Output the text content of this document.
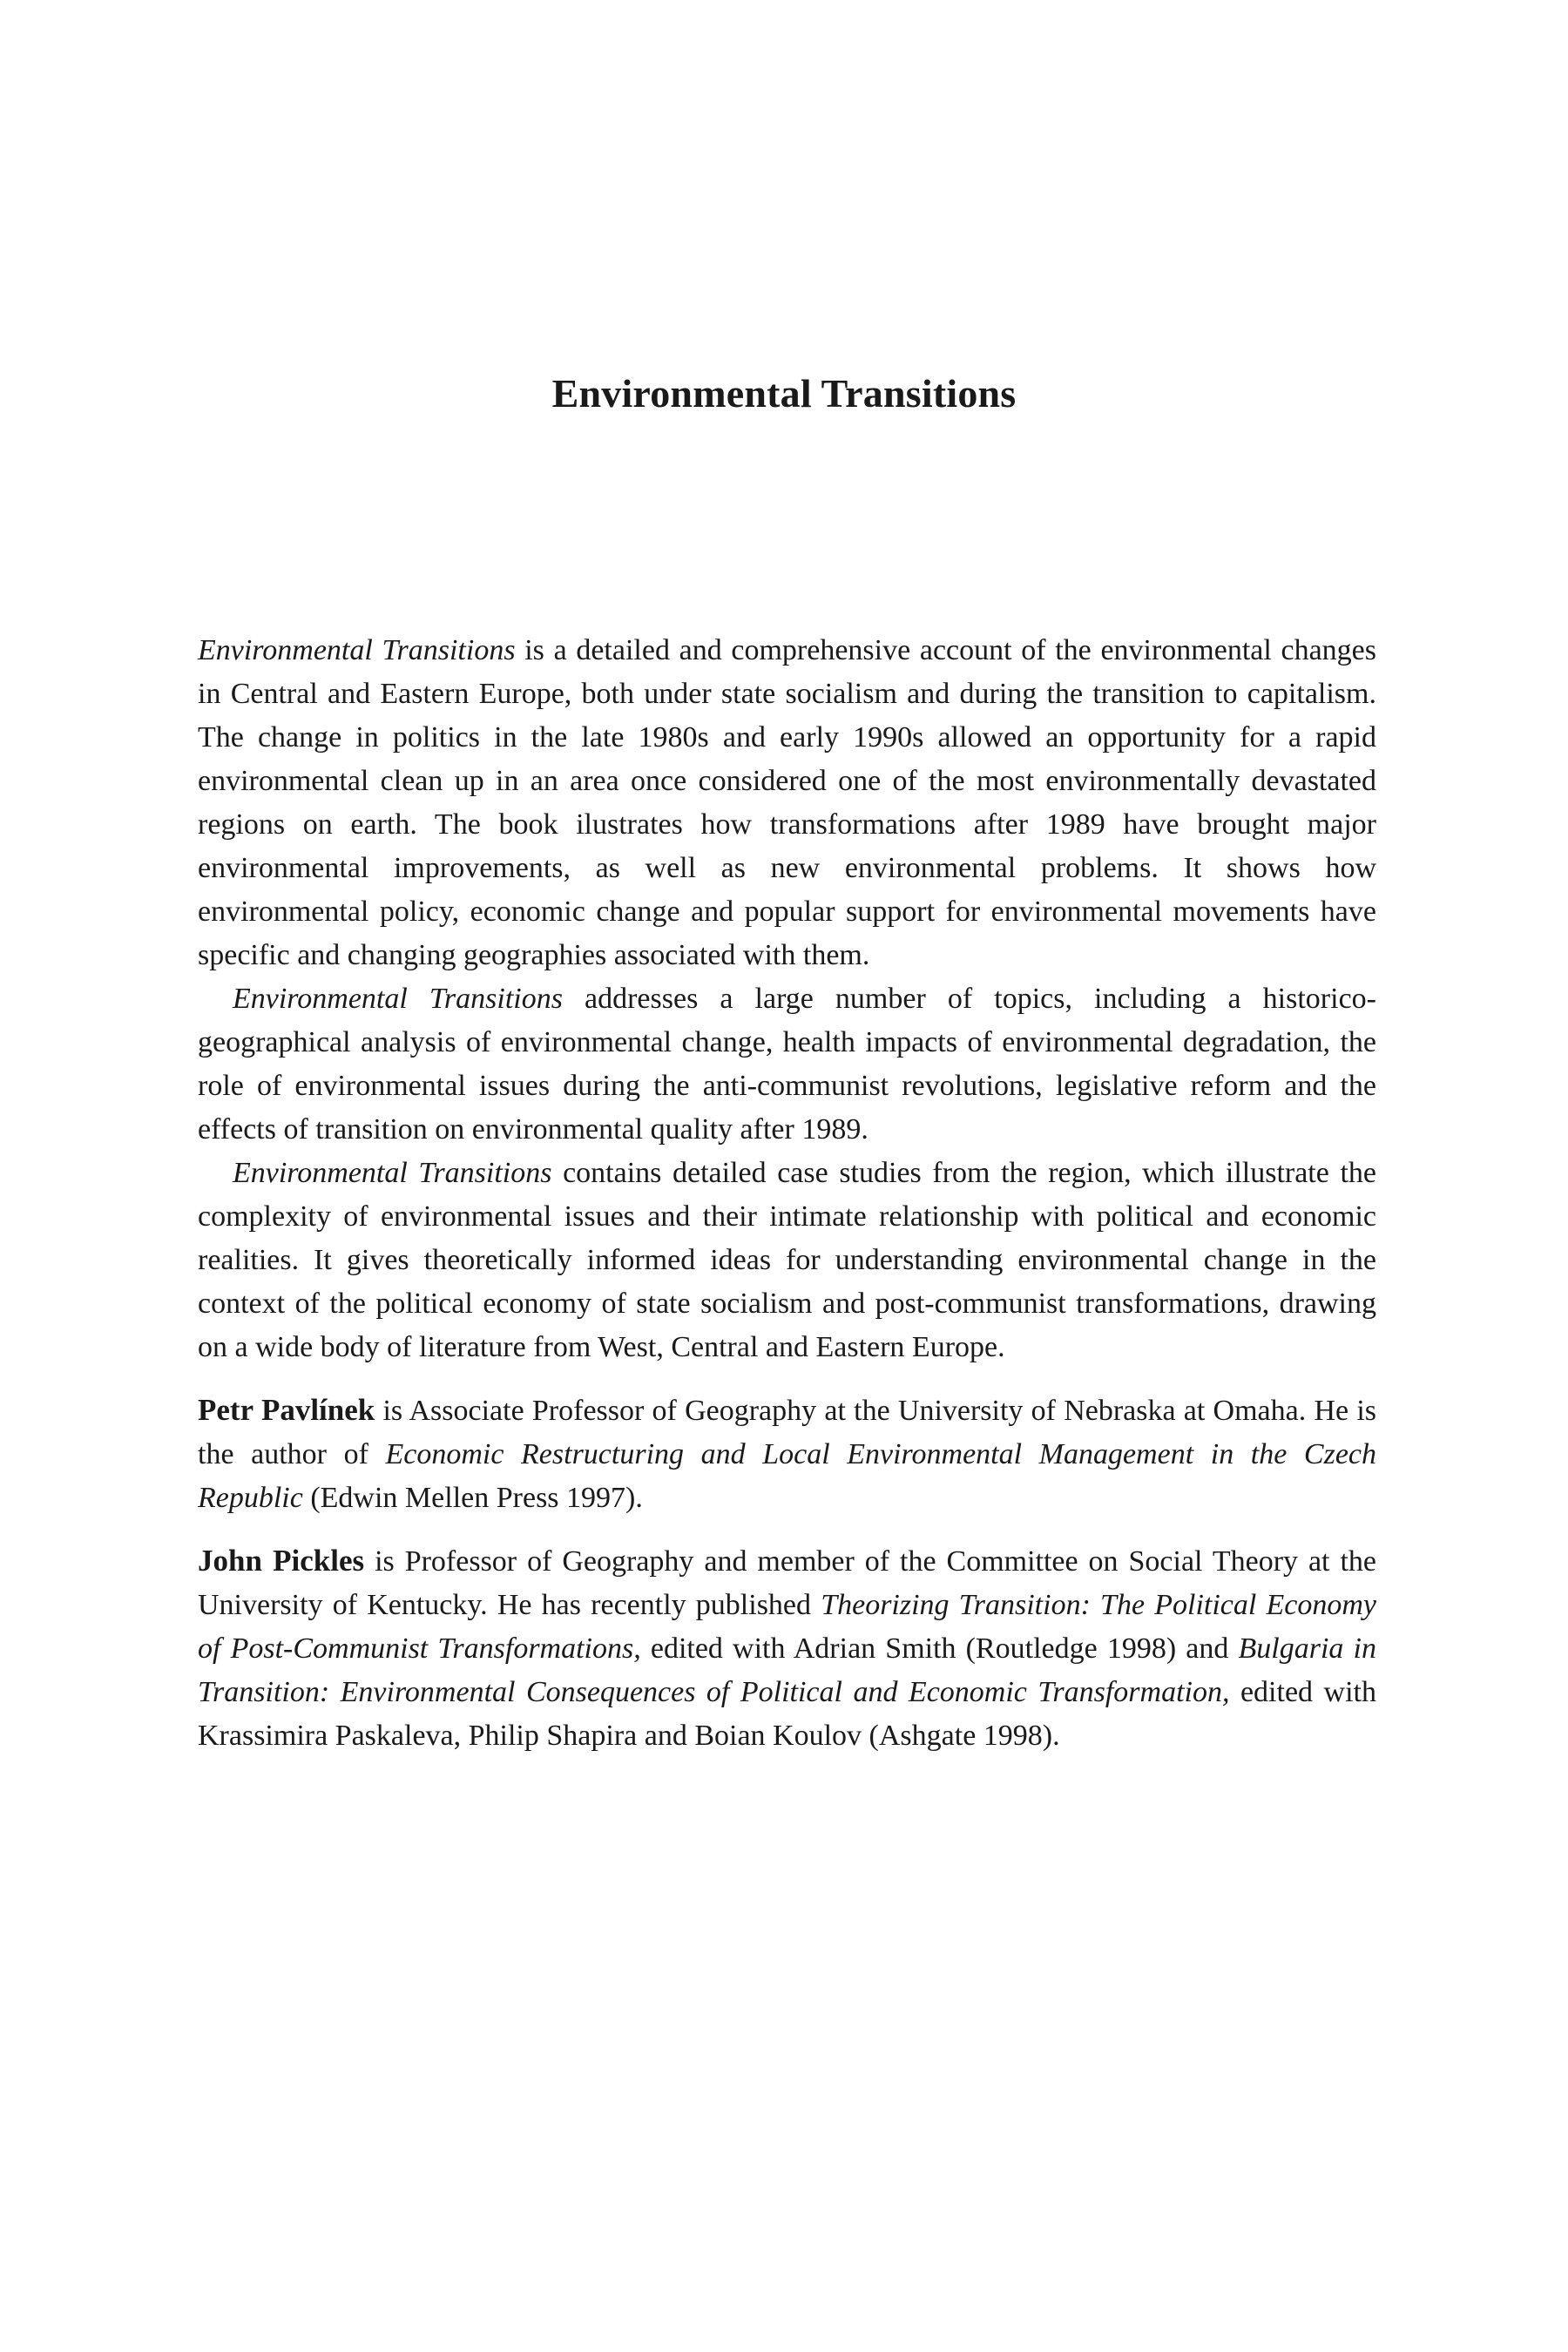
Environmental Transitions

Environmental Transitions is a detailed and comprehensive account of the environmental changes in Central and Eastern Europe, both under state socialism and during the transition to capitalism. The change in politics in the late 1980s and early 1990s allowed an opportunity for a rapid environmental clean up in an area once considered one of the most environmentally devastated regions on earth. The book ilustrates how transformations after 1989 have brought major environmental improvements, as well as new environmental problems. It shows how environmental policy, economic change and popular support for environmental movements have specific and changing geographies associated with them.

Environmental Transitions addresses a large number of topics, including a historico-geographical analysis of environmental change, health impacts of environmental degradation, the role of environmental issues during the anti-communist revolutions, legislative reform and the effects of transition on environmental quality after 1989.

Environmental Transitions contains detailed case studies from the region, which illustrate the complexity of environmental issues and their intimate relationship with political and economic realities. It gives theoretically informed ideas for understanding environmental change in the context of the political economy of state socialism and post-communist transformations, drawing on a wide body of literature from West, Central and Eastern Europe.

Petr Pavlínek is Associate Professor of Geography at the University of Nebraska at Omaha. He is the author of Economic Restructuring and Local Environmental Management in the Czech Republic (Edwin Mellen Press 1997).

John Pickles is Professor of Geography and member of the Committee on Social Theory at the University of Kentucky. He has recently published Theorizing Transition: The Political Economy of Post-Communist Transformations, edited with Adrian Smith (Routledge 1998) and Bulgaria in Transition: Environmental Consequences of Political and Economic Transformation, edited with Krassimira Paskaleva, Philip Shapira and Boian Koulov (Ashgate 1998).
